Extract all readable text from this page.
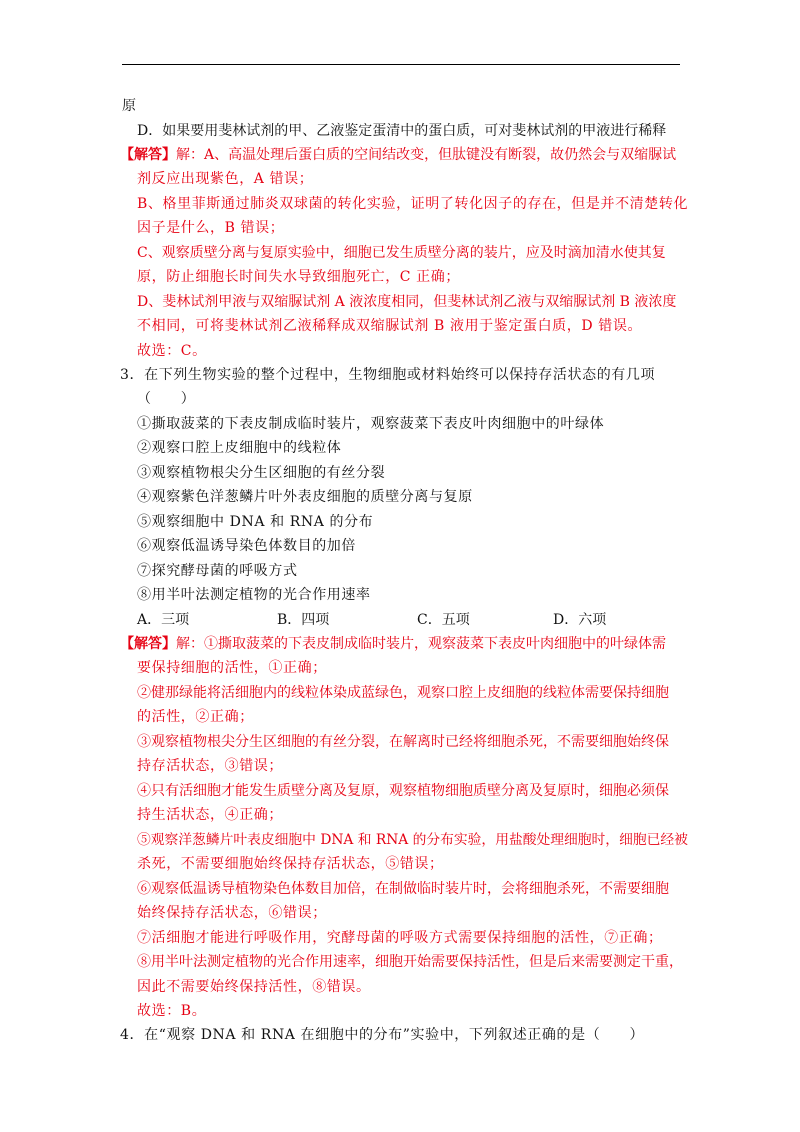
原
D．如果要用斐林试剂的甲、乙液鉴定蛋清中的蛋白质，可对斐林试剂的甲液进行稀释
【解答】解：A、高温处理后蛋白质的空间结改变，但肽键没有断裂，故仍然会与双缩脲试
剂反应出现紫色，A 错误；
B、格里菲斯通过肺炎双球菌的转化实验，证明了转化因子的存在，但是并不清楚转化
因子是什么，B 错误；
C、观察质壁分离与复原实验中，细胞已发生质壁分离的装片，应及时滴加清水使其复
原，防止细胞长时间失水导致细胞死亡，C 正确；
D、斐林试剂甲液与双缩脲试剂 A 液浓度相同，但斐林试剂乙液与双缩脲试剂 B 液浓度
不相同，可将斐林试剂乙液稀释成双缩脲试剂 B 液用于鉴定蛋白质，D 错误。
故选：C。
3．在下列生物实验的整个过程中，生物细胞或材料始终可以保持存活状态的有几项
（　　）
①撕取菠菜的下表皮制成临时装片，观察菠菜下表皮叶肉细胞中的叶绿体
②观察口腔上皮细胞中的线粒体
③观察植物根尖分生区细胞的有丝分裂
④观察紫色洋葱鳞片叶外表皮细胞的质壁分离与复原
⑤观察细胞中 DNA 和 RNA 的分布
⑥观察低温诱导染色体数目的加倍
⑦探究酵母菌的呼吸方式
⑧用半叶法测定植物的光合作用速率
A．三项	B．四项	C．五项	D．六项
【解答】解：①撕取菠菜的下表皮制成临时装片，观察菠菜下表皮叶肉细胞中的叶绿体需
要保持细胞的活性，①正确；
②健那绿能将活细胞内的线粒体染成蓝绿色，观察口腔上皮细胞的线粒体需要保持细胞
的活性，②正确；
③观察植物根尖分生区细胞的有丝分裂，在解离时已经将细胞杀死，不需要细胞始终保
持存活状态，③错误；
④只有活细胞才能发生质壁分离及复原，观察植物细胞质壁分离及复原时，细胞必须保
持生活状态，④正确；
⑤观察洋葱鳞片叶表皮细胞中 DNA 和 RNA 的分布实验，用盐酸处理细胞时，细胞已经被
杀死，不需要细胞始终保持存活状态，⑤错误；
⑥观察低温诱导植物染色体数目加倍，在制做临时装片时，会将细胞杀死，不需要细胞
始终保持存活状态，⑥错误；
⑦活细胞才能进行呼吸作用，究酵母菌的呼吸方式需要保持细胞的活性，⑦正确；
⑧用半叶法测定植物的光合作用速率，细胞开始需要保持活性，但是后来需要测定干重，
因此不需要始终保持活性，⑧错误。
故选：B。
4．在“观察 DNA 和 RNA 在细胞中的分布”实验中，下列叙述正确的是（　　）
